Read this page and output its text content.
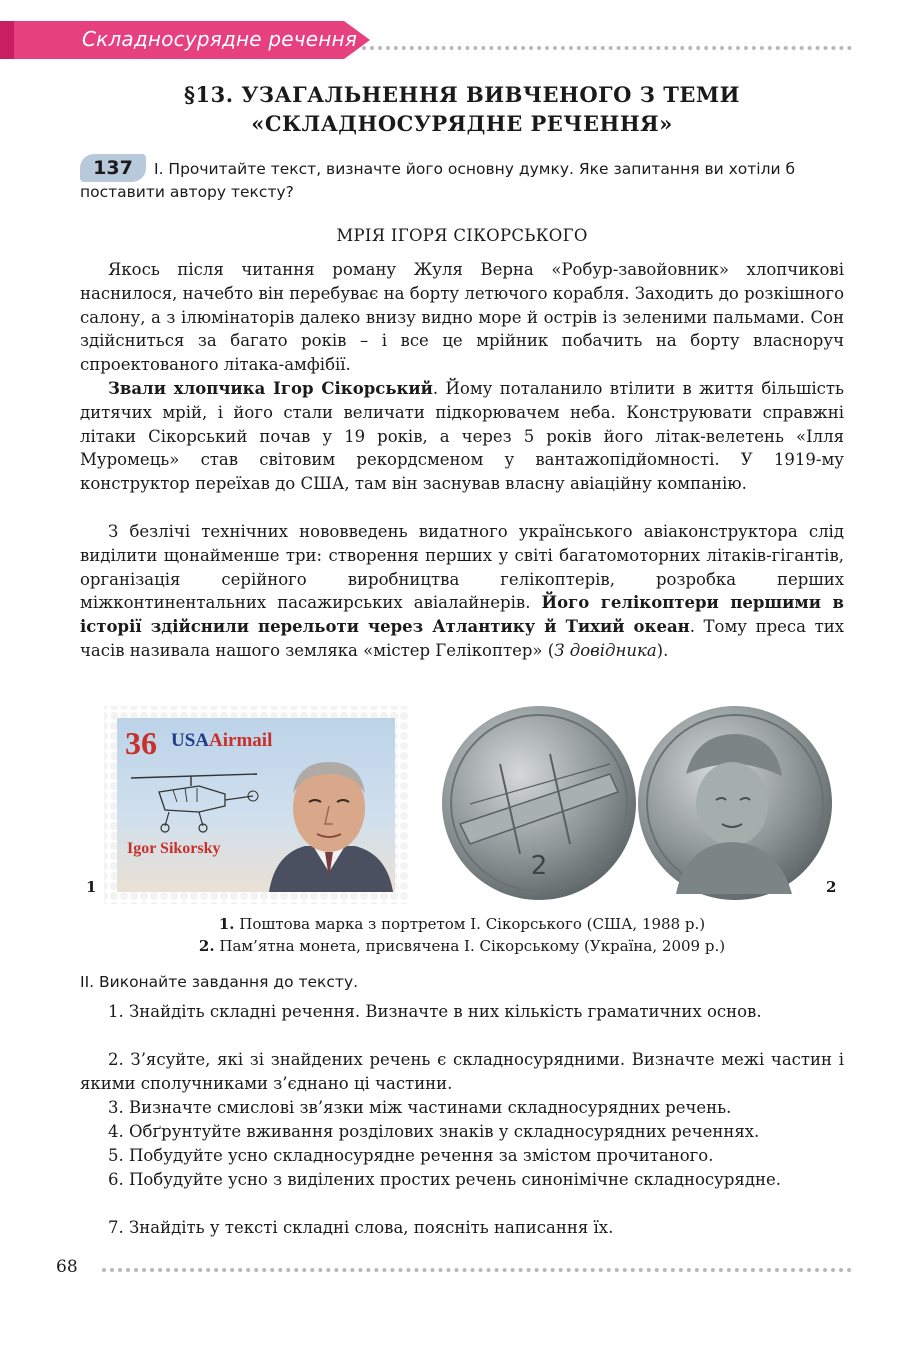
Складносурядне речення
§13. УЗАГАЛЬНЕННЯ ВИВЧЕНОГО З ТЕМИ
«СКЛАДНОСУРЯДНЕ РЕЧЕННЯ»
137	І. Прочитайте текст, визначте його основну думку. Яке запитання ви хотіли б поставити автору тексту?

МРІЯ ІГОРЯ СІКОРСЬКОГО

Якось після читання роману Жуля Верна «Робур-завойовник» хлопчикові наснилося, начебто він перебуває на борту летючого корабля. Заходить до розкішного салону, а з ілюмінаторів далеко внизу видно море й острів із зеленими пальмами. Сон здійсниться за багато років – і все це мрійник побачить на борту власноруч спроектованого літака-амфібії.

Звали хлопчика Ігор Сікорський. Йому поталанило втілити в життя більшість дитячих мрій, і його стали величати підкорювачем неба. Конструювати справжні літаки Сікорський почав у 19 років, а через 5 років його літак-велетень «Ілля Муромець» став світовим рекордсменом у вантажопідйомності. У 1919-му конструктор переїхав до США, там він заснував власну авіаційну компанію.

З безлічі технічних нововведень видатного українського авіаконструктора слід виділити щонайменше три: створення перших у світі багатомоторних літаків-гігантів, організація серійного виробництва гелікоптерів, розробка перших міжконтинентальних пасажирських авіалайнерів. Його гелікоптери першими в історії здійснили перельоти через Атлантику й Тихий океан. Тому преса тих часів називала нашого земляка «містер Гелікоптер» (З довідника).

36 USAAirmail
Igor Sikorsky
2
1	2
1. Поштова марка з портретом І. Сікорського (США, 1988 р.)
2. Пам’ятна монета, присвячена І. Сікорському (Україна, 2009 р.)
ІІ. Виконайте завдання до тексту.

1. Знайдіть складні речення. Визначте в них кількість граматичних основ.

2. З’ясуйте, які зі знайдених речень є складносурядними. Визначте межі частин і якими сполучниками з’єднано ці частини.

3. Визначте смислові зв’язки між частинами складносурядних речень.

4. Обґрунтуйте вживання розділових знаків у складносурядних реченнях.

5. Побудуйте усно складносурядне речення за змістом прочитаного.

6. Побудуйте усно з виділених простих речень синонімічне складносурядне.

7. Знайдіть у тексті складні слова, поясніть написання їх.

68
